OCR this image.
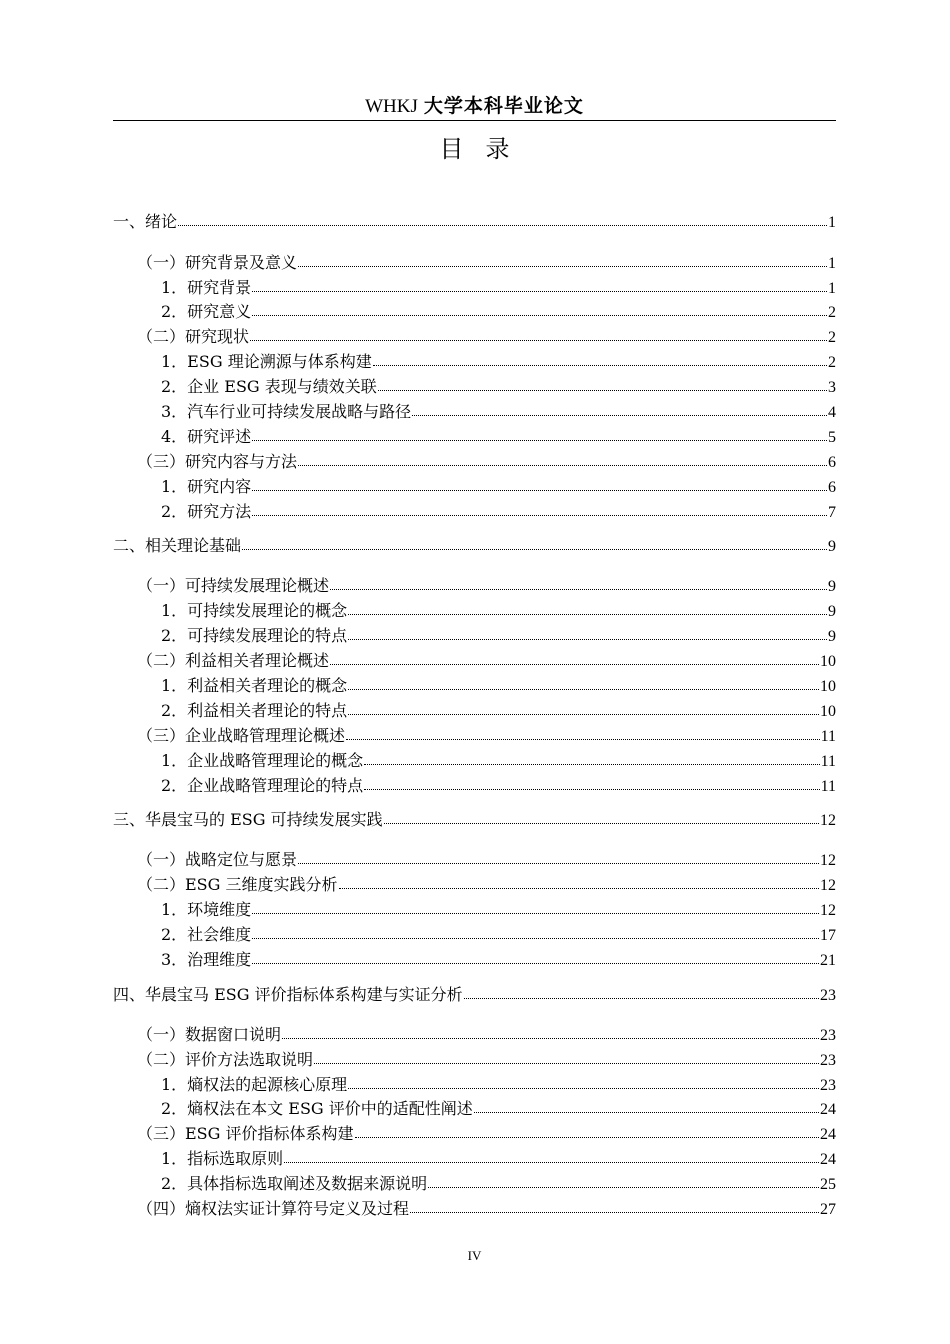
WHKJ 大学本科毕业论文
目录
一、绪论	1
（一）研究背景及意义	1
1．研究背景	1
2．研究意义	2
（二）研究现状	2
1．ESG 理论溯源与体系构建	2
2．企业 ESG 表现与绩效关联	3
3．汽车行业可持续发展战略与路径	4
4．研究评述	5
（三）研究内容与方法	6
1．研究内容	6
2．研究方法	7
二、相关理论基础	9
（一）可持续发展理论概述	9
1．可持续发展理论的概念	9
2．可持续发展理论的特点	9
（二）利益相关者理论概述	10
1．利益相关者理论的概念	10
2．利益相关者理论的特点	10
（三）企业战略管理理论概述	11
1．企业战略管理理论的概念	11
2．企业战略管理理论的特点	11
三、华晨宝马的 ESG 可持续发展实践	12
（一）战略定位与愿景	12
（二）ESG 三维度实践分析	12
1．环境维度	12
2．社会维度	17
3．治理维度	21
四、华晨宝马 ESG 评价指标体系构建与实证分析	23
（一）数据窗口说明	23
（二）评价方法选取说明	23
1．熵权法的起源核心原理	23
2．熵权法在本文 ESG 评价中的适配性阐述	24
（三）ESG 评价指标体系构建	24
1．指标选取原则	24
2．具体指标选取阐述及数据来源说明	25
（四）熵权法实证计算符号定义及过程	27
IV
